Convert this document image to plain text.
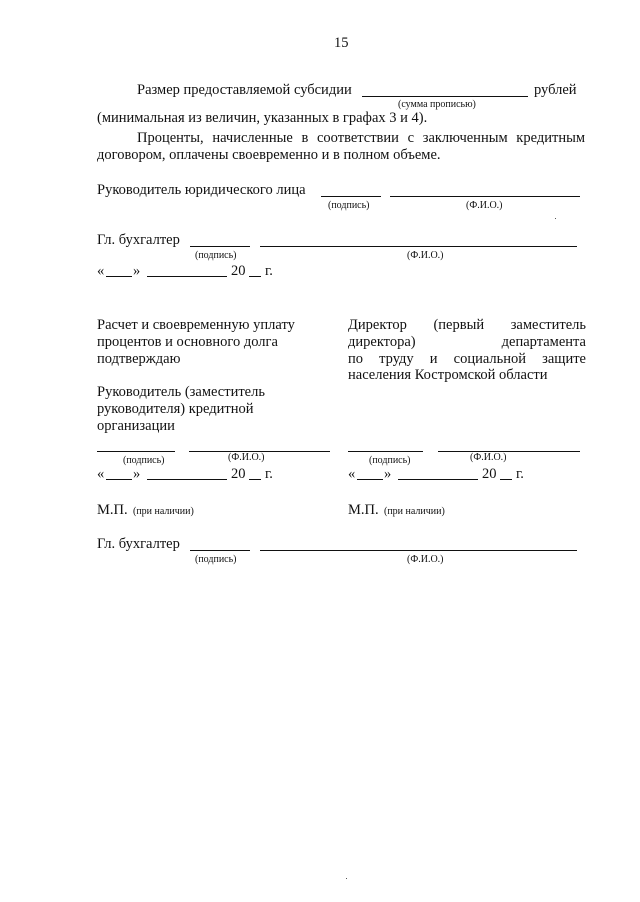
15
Размер предоставляемой субсидии	рублей
(сумма прописью)
(минимальная из величин, указанных в графах 3 и 4).
Проценты, начисленные в соответствии с заключенным кредитным
договором, оплачены своевременно и в полном объеме.
Руководитель юридического лица
(подпись)	(Ф.И.О.)
Гл. бухгалтер
(подпись)	(Ф.И.О.)
« »	20 г.
Расчет и своевременную уплату
процентов и основного долга
подтверждаю
Руководитель (заместитель
руководителя) кредитной
организации
Директор (первый заместитель
директора) департамента
по труду и социальной защите
населения Костромской области
(подпись)	(Ф.И.О.)	(подпись)	(Ф.И.О.)
« »	20 г.	« »	20 г.
М.П. (при наличии)	М.П. (при наличии)
Гл. бухгалтер
(подпись)	(Ф.И.О.)
